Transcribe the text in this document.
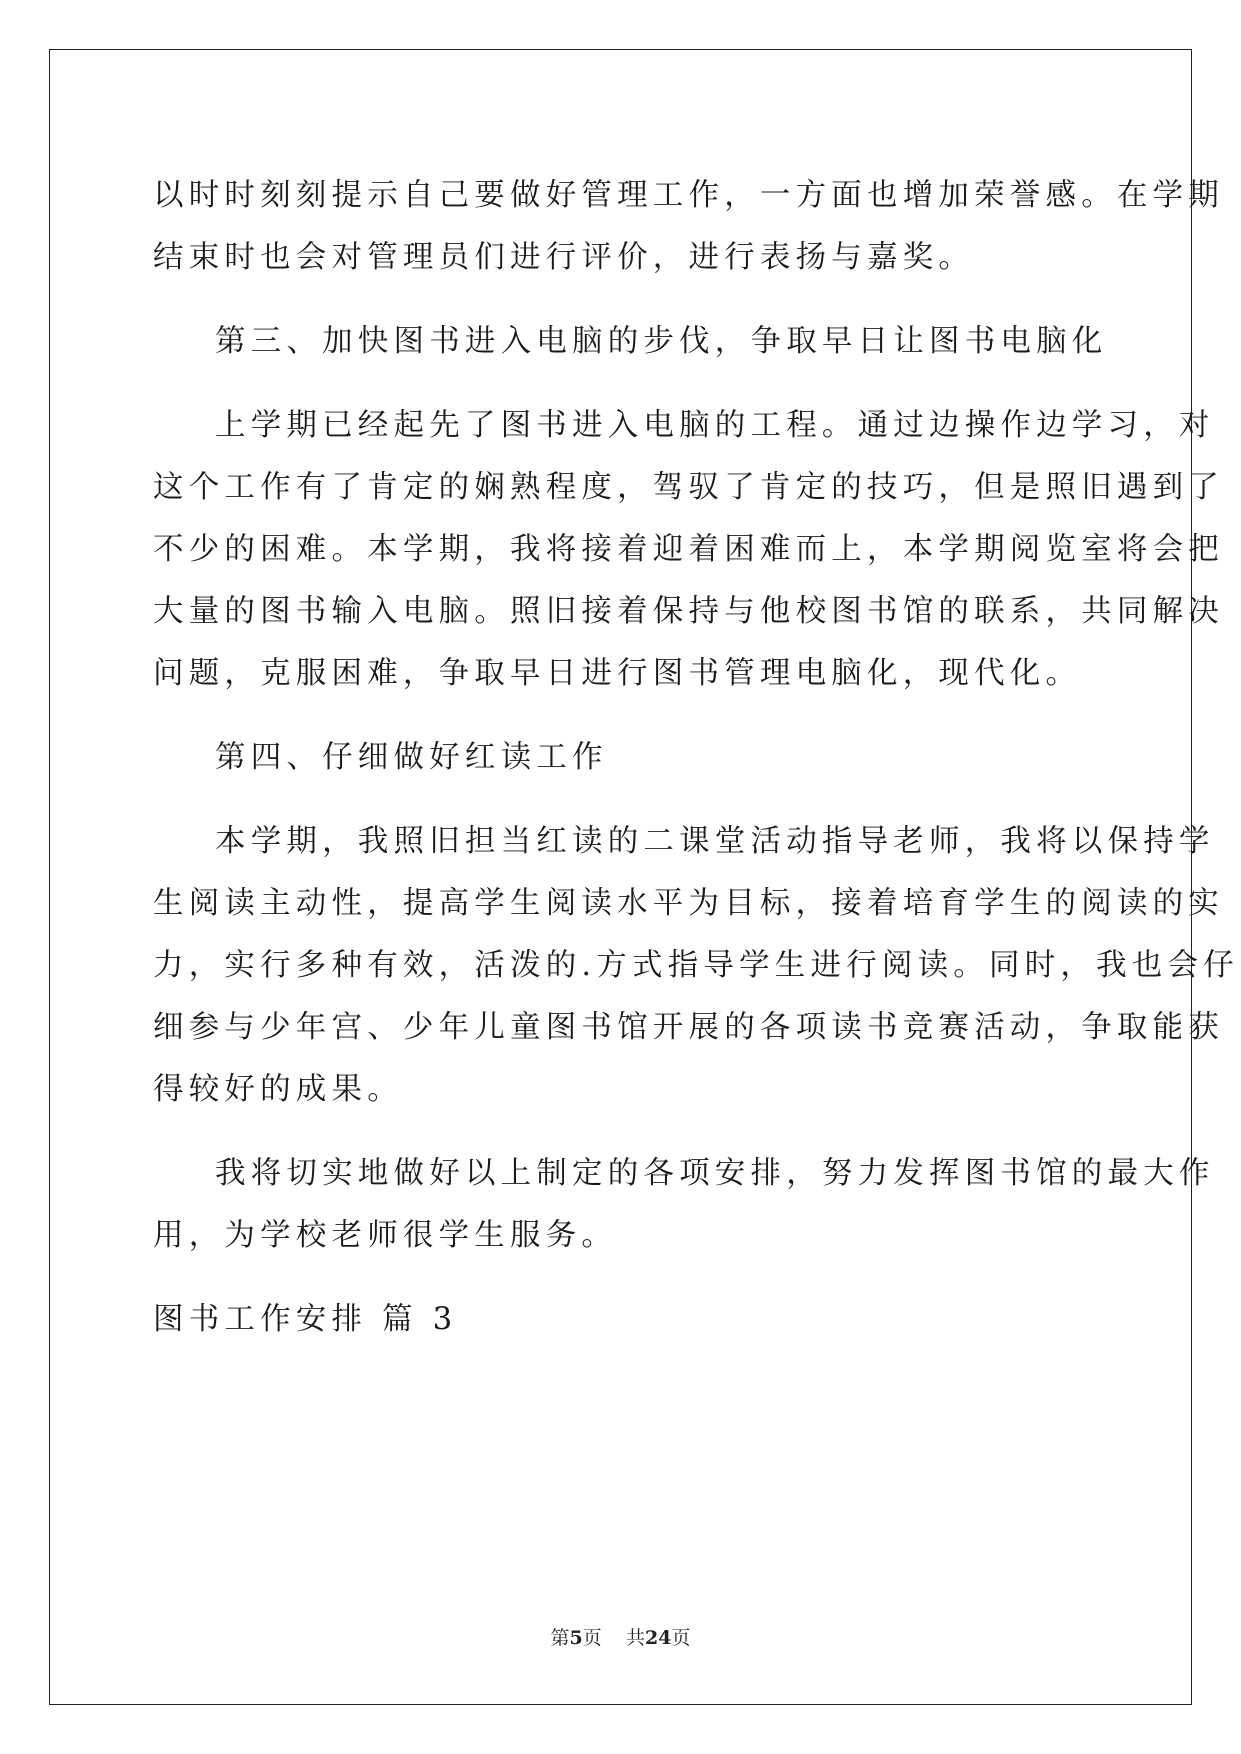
以时时刻刻提示自己要做好管理工作，一方面也增加荣誉感。在学期
结束时也会对管理员们进行评价，进行表扬与嘉奖。

第三、加快图书进入电脑的步伐，争取早日让图书电脑化

上学期已经起先了图书进入电脑的工程。通过边操作边学习，对

这个工作有了肯定的娴熟程度，驾驭了肯定的技巧，但是照旧遇到了
不少的困难。本学期，我将接着迎着困难而上，本学期阅览室将会把
大量的图书输入电脑。照旧接着保持与他校图书馆的联系，共同解决
问题，克服困难，争取早日进行图书管理电脑化，现代化。

第四、仔细做好红读工作

本学期，我照旧担当红读的二课堂活动指导老师，我将以保持学

生阅读主动性，提高学生阅读水平为目标，接着培育学生的阅读的实
力，实行多种有效，活泼的.方式指导学生进行阅读。同时，我也会仔
细参与少年宫、少年儿童图书馆开展的各项读书竞赛活动，争取能获
得较好的成果。

我将切实地做好以上制定的各项安排，努力发挥图书馆的最大作

用，为学校老师很学生服务。

图书工作安排 篇 3

第5页 共24页
